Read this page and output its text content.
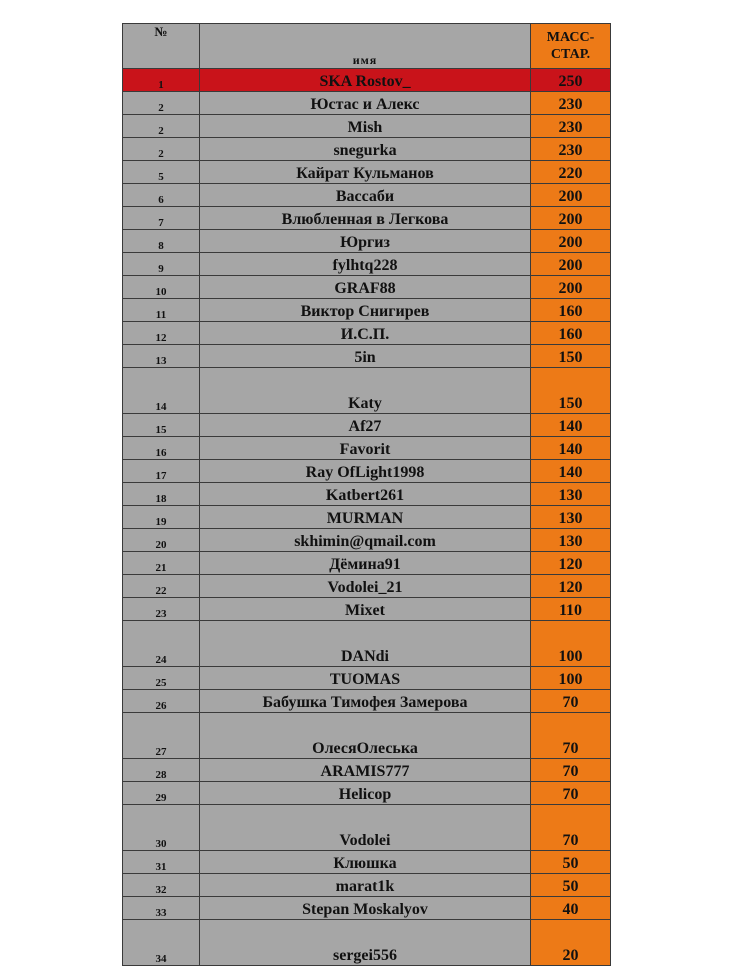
№	имя	МАСС-
СТАР.
1	SKA Rostov_	250
2	Юстас и Алекс	230
2	Mish	230
2	snegurka	230
5	Кайрат Кульманов	220
6	Вассаби	200
7	Влюбленная в Легкова	200
8	Юргиз	200
9	fylhtq228	200
10	GRAF88	200
11	Виктор Снигирев	160
12	И.С.П.	160
13	5in	150
14	Katy	150
15	Af27	140
16	Favorit	140
17	Ray OfLight1998	140
18	Katbert261	130
19	MURMAN	130
20	skhimin@qmail.com	130
21	Дёмина91	120
22	Vodolei_21	120
23	Mixet	110
24	DANdi	100
25	TUOMAS	100
26	Бабушка Тимофея Замерова	70
27	ОлесяОлеська	70
28	ARAMIS777	70
29	Helicop	70
30	Vodolei	70
31	Клюшка	50
32	marat1k	50
33	Stepan Moskalyov	40
34	sergei556	20
